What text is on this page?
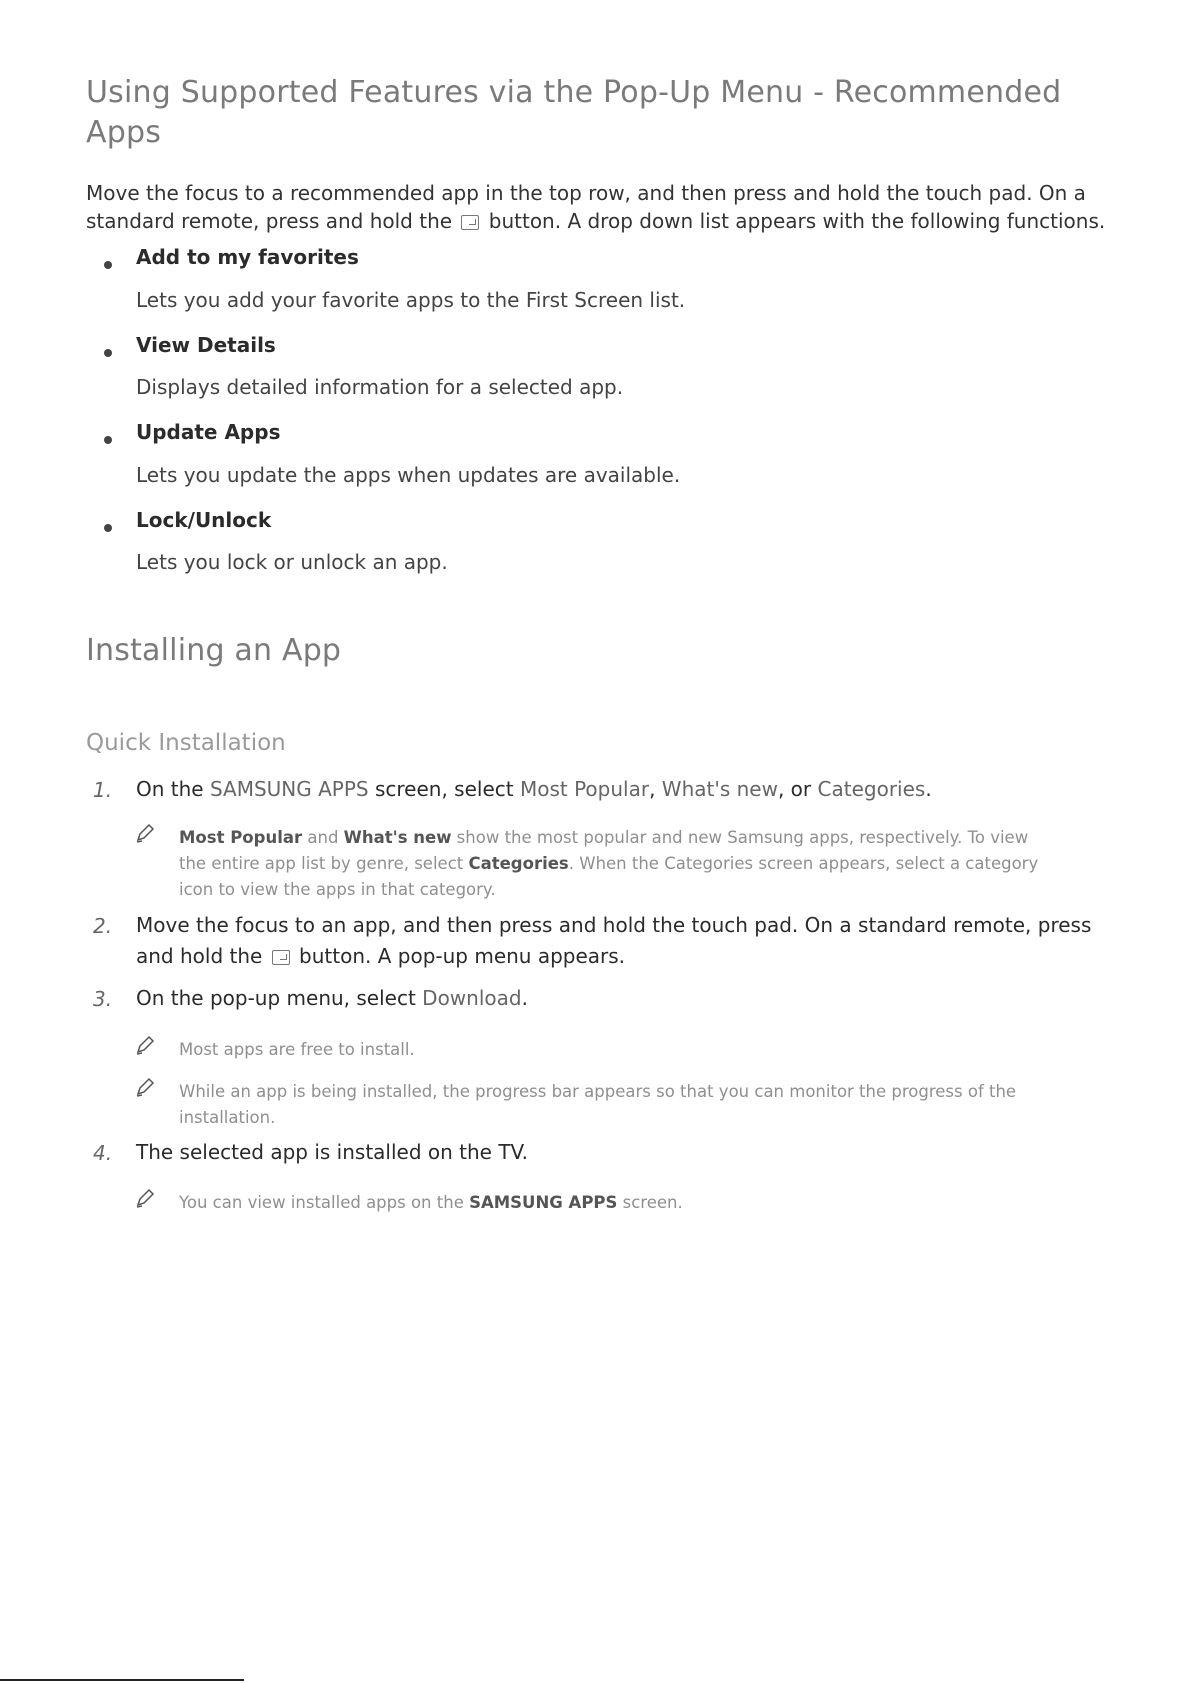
Using Supported Features via the Pop-Up Menu - Recommended
Apps

Move the focus to a recommended app in the top row, and then press and hold the touch pad. On a

standard remote, press and hold the button. A drop down list appears with the following functions.

Add to my favorites
Lets you add your favorite apps to the First Screen list.
View Details
Displays detailed information for a selected app.
Update Apps
Lets you update the apps when updates are available.
Lock/Unlock
Lets you lock or unlock an app.
Installing an App
Quick Installation
1. On the SAMSUNG APPS screen, select Most Popular, What's new, or Categories.
Most Popular and What's new show the most popular and new Samsung apps, respectively. To view
the entire app list by genre, select Categories. When the Categories screen appears, select a category
icon to view the apps in that category.
2. Move the focus to an app, and then press and hold the touch pad. On a standard remote, press

and hold the button. A pop-up menu appears.

3. On the pop-up menu, select Download.
Most apps are free to install.
While an app is being installed, the progress bar appears so that you can monitor the progress of the
installation.
4. The selected app is installed on the TV.
You can view installed apps on the SAMSUNG APPS screen.
